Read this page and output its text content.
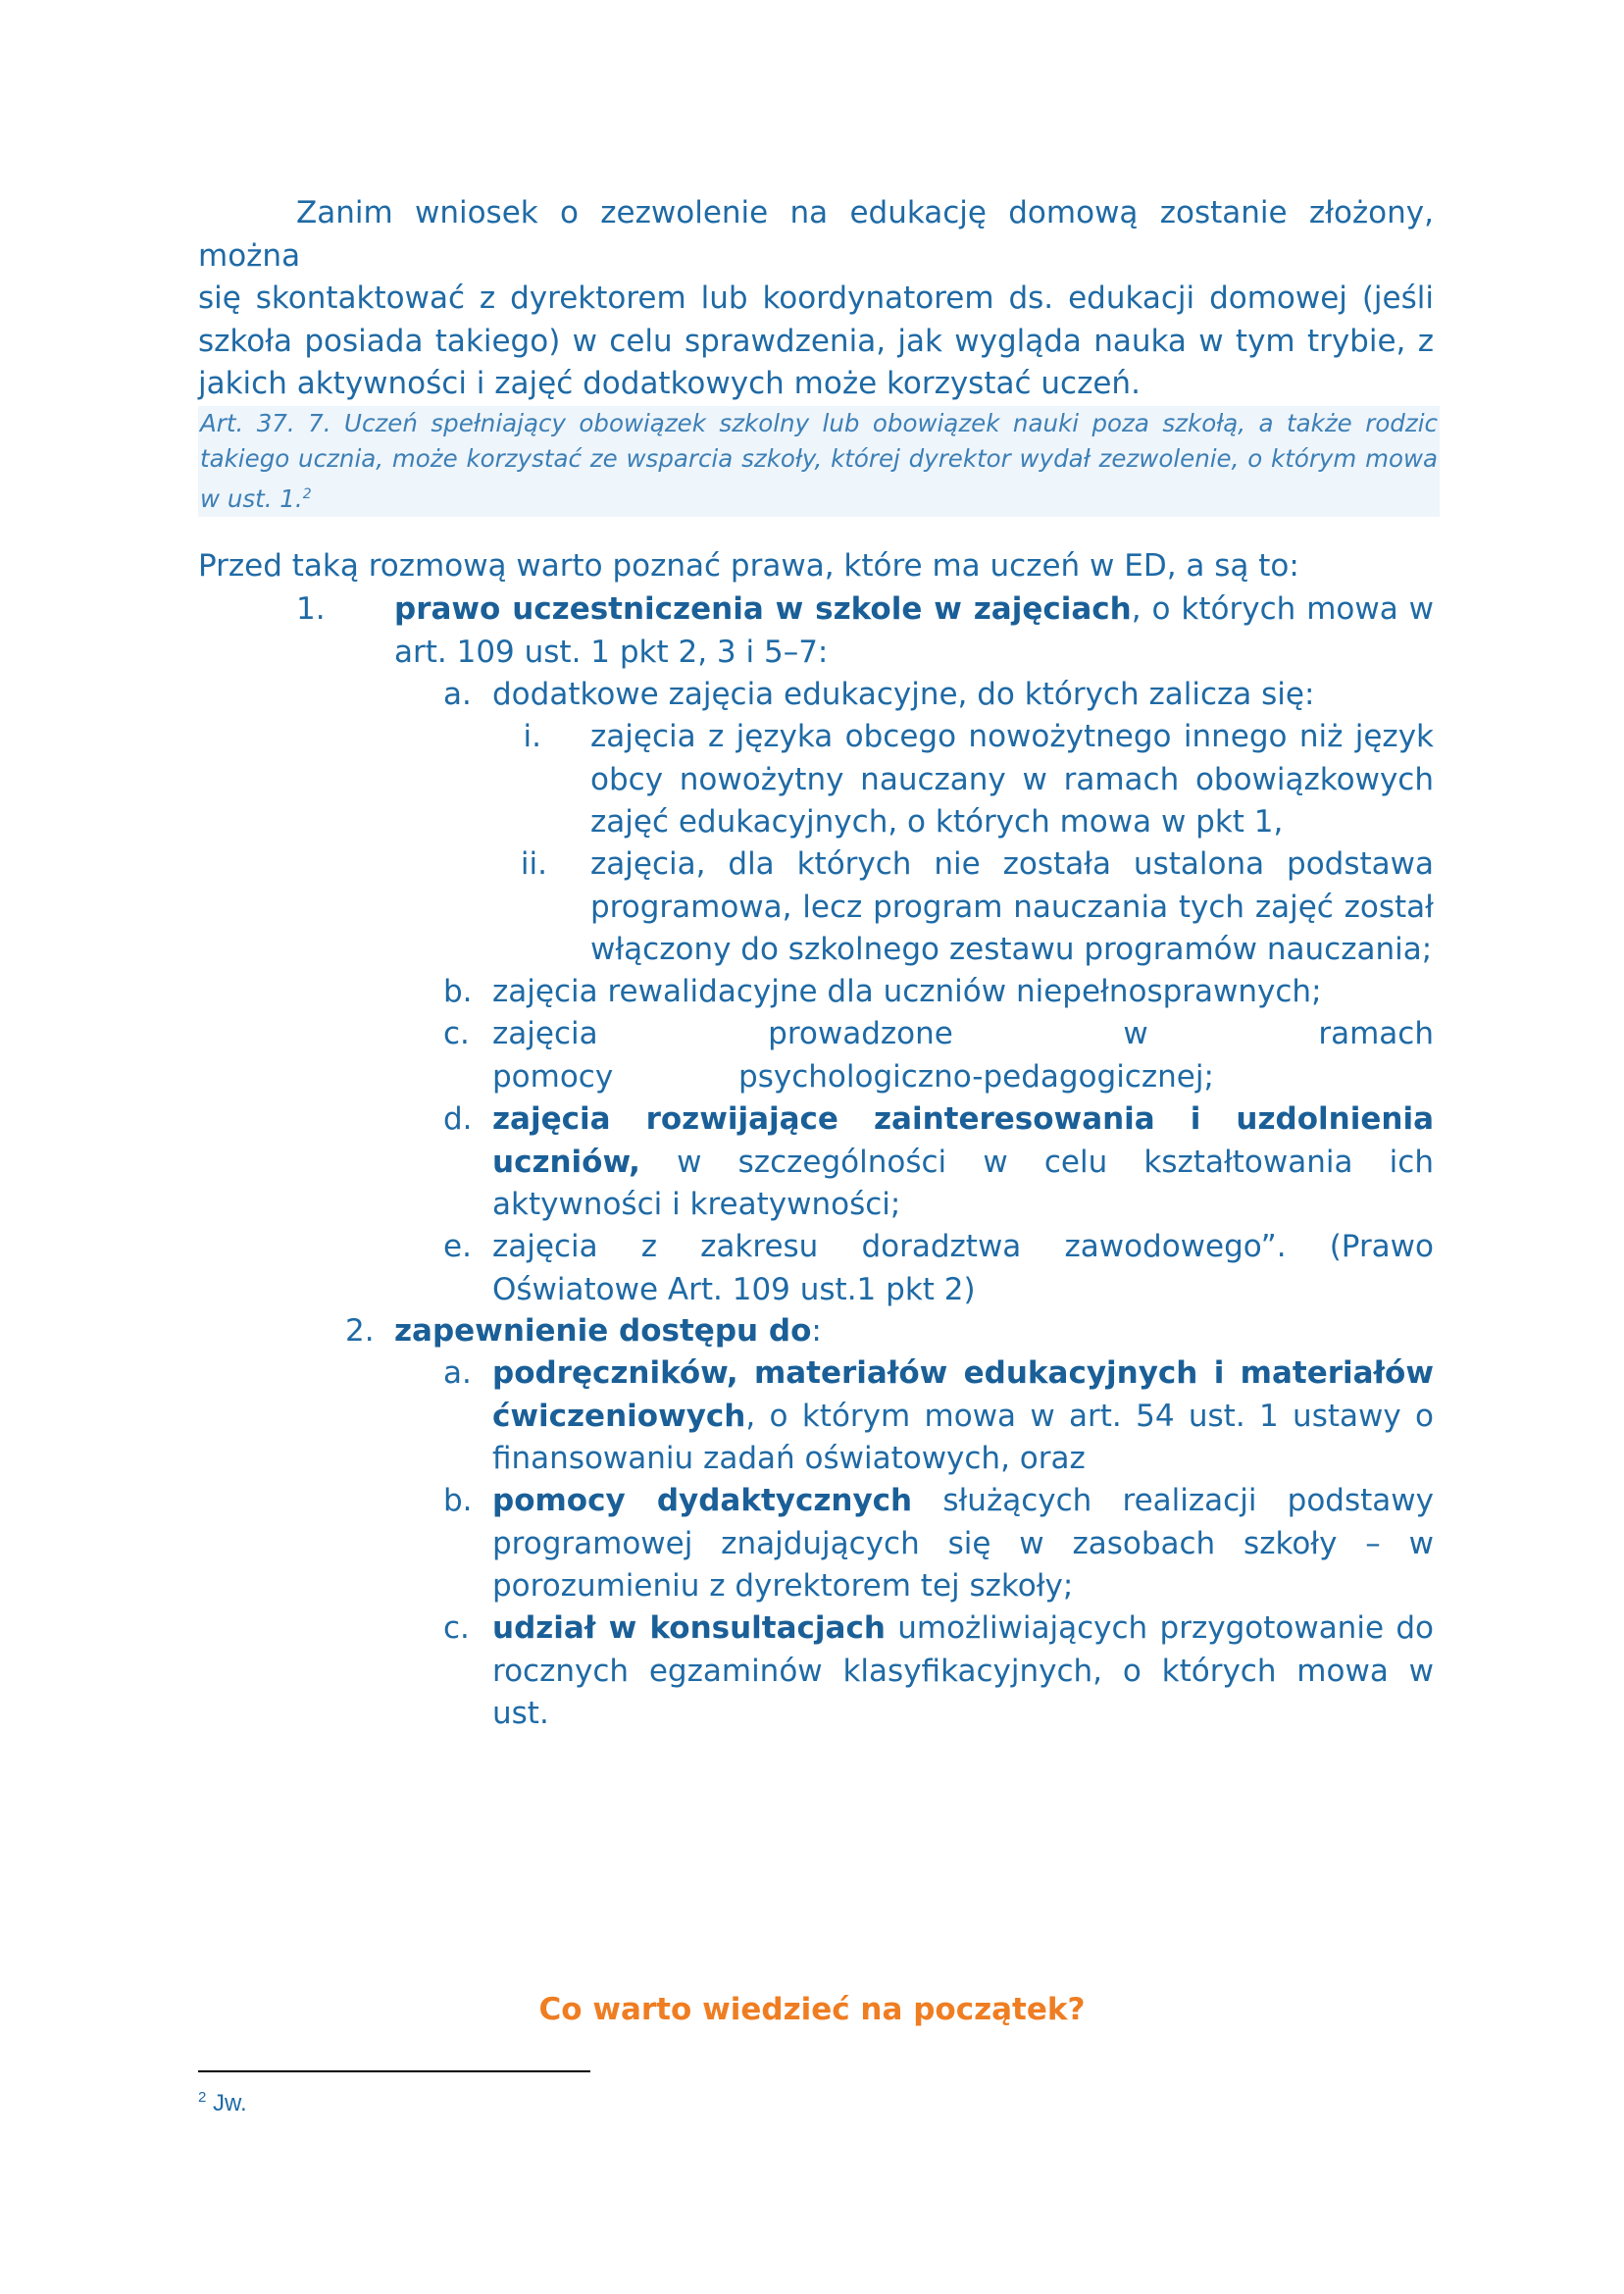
Zanim wniosek o zezwolenie na edukację domową zostanie złożony, można
się skontaktować z dyrektorem lub koordynatorem ds. edukacji domowej (jeśli szkoła posiada takiego) w celu sprawdzenia, jak wygląda nauka w tym trybie, z jakich aktywności i zajęć dodatkowych może korzystać uczeń.

Art. 37. 7. Uczeń spełniający obowiązek szkolny lub obowiązek nauki poza szkołą, a także rodzic takiego ucznia, może korzystać ze wsparcia szkoły, której dyrektor wydał zezwolenie, o którym mowa w ust. 1.$^2$

Przed taką rozmową warto poznać prawa, które ma uczeń w ED, a są to:

1.	prawo uczestniczenia w szkole w zajęciach, o których mowa w art. 109 ust. 1 pkt 2, 3 i 5–7:
a. dodatkowe zajęcia edukacyjne, do których zalicza się:
i. zajęcia z języka obcego nowożytnego innego niż język obcy nowożytny nauczany w ramach obowiązkowych zajęć edukacyjnych, o których mowa w pkt 1,
ii. zajęcia, dla których nie została ustalona podstawa programowa, lecz program nauczania tych zajęć został włączony do szkolnego zestawu programów nauczania;
b. zajęcia rewalidacyjne dla uczniów niepełnosprawnych;
c. zajęcia prowadzone w ramach pomocy psychologiczno-pedagogicznej;
d. zajęcia rozwijające zainteresowania i uzdolnienia uczniów, w szczególności w celu kształtowania ich aktywności i kreatywności;
e. zajęcia z zakresu doradztwa zawodowego”. (Prawo Oświatowe Art. 109 ust.1 pkt 2)
2. zapewnienie dostępu do:
a. podręczników, materiałów edukacyjnych i materiałów ćwiczeniowych, o którym mowa w art. 54 ust. 1 ustawy o finansowaniu zadań oświatowych, oraz
b. pomocy dydaktycznych służących realizacji podstawy programowej znajdujących się w zasobach szkoły – w porozumieniu z dyrektorem tej szkoły;
c. udział w konsultacjach umożliwiających przygotowanie do rocznych egzaminów klasyfikacyjnych, o których mowa w ust.

Co warto wiedzieć na początek?

$^2$ Jw.
